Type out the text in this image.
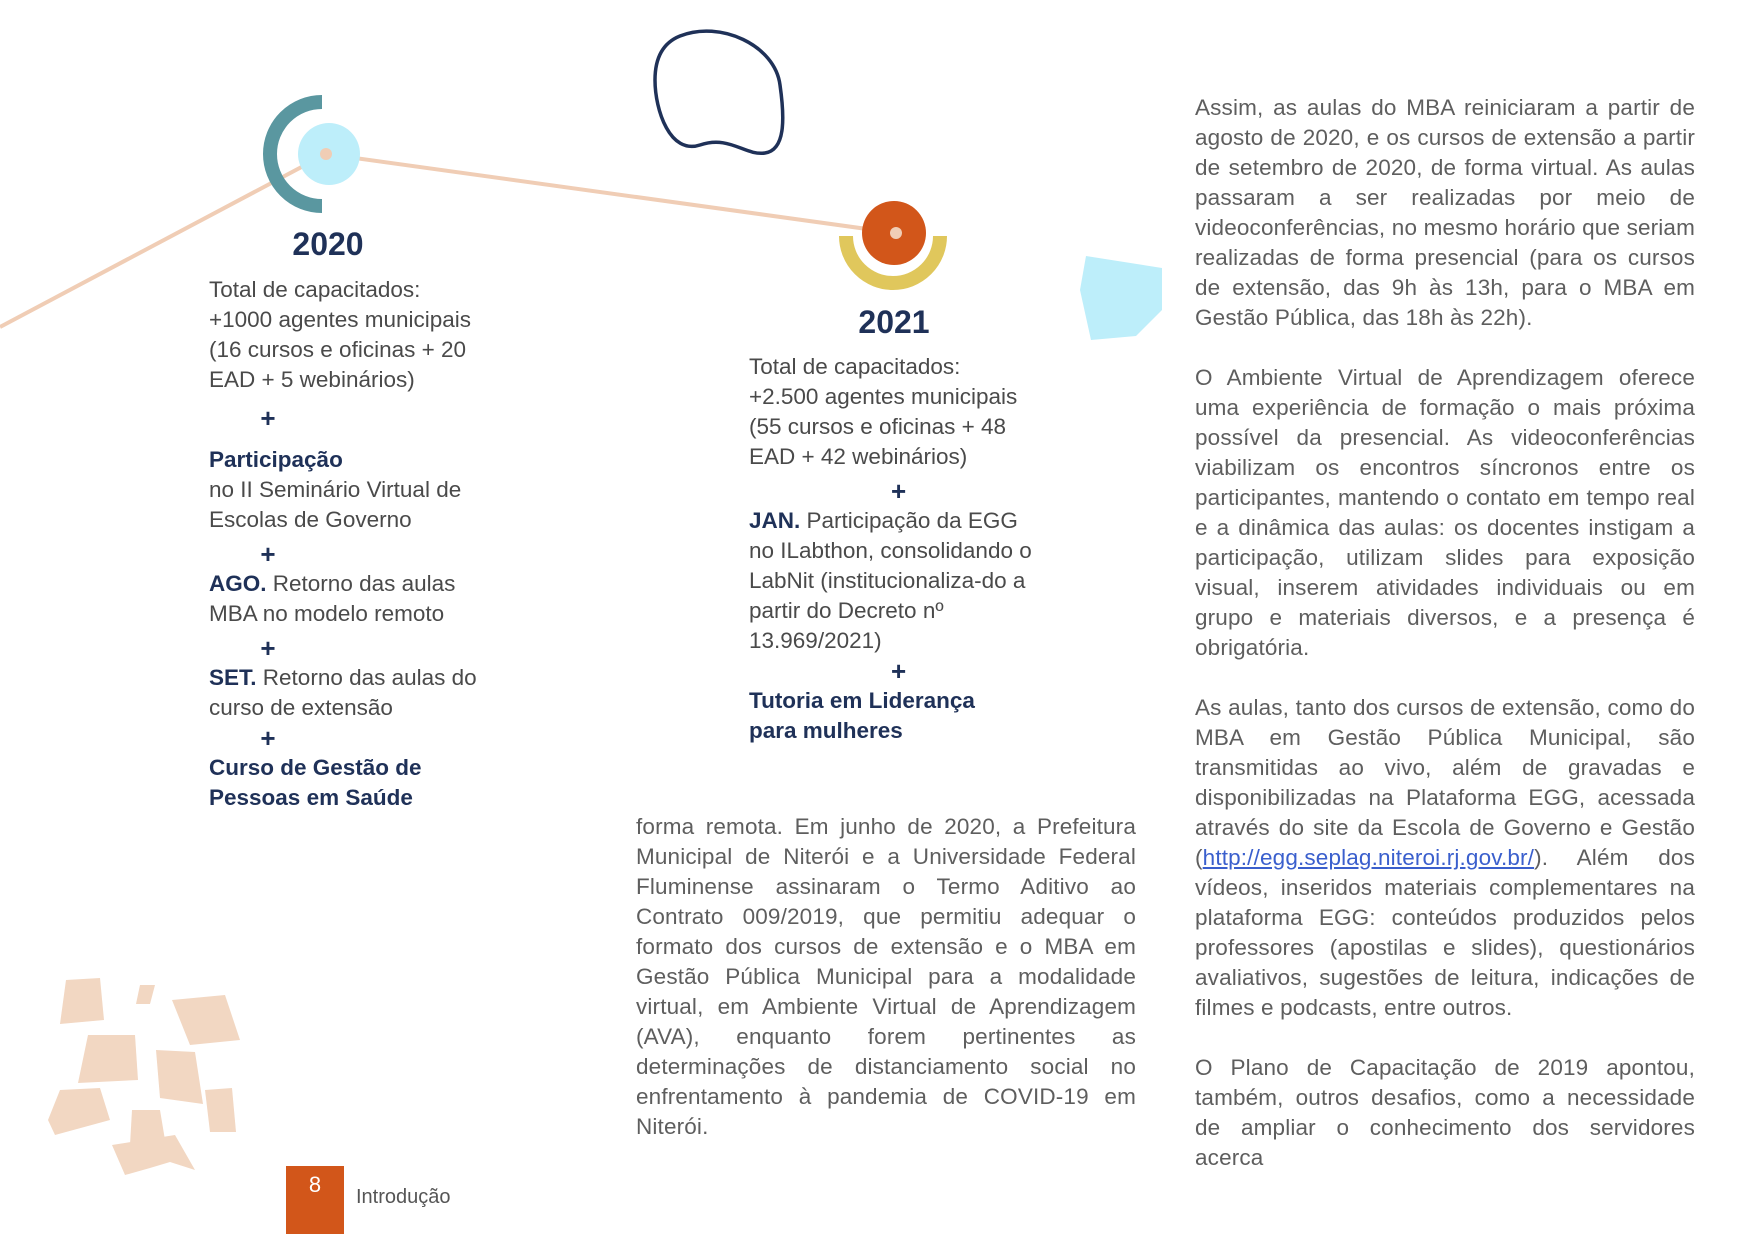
2020

Total de capacitados:

+1000 agentes municipais

(16 cursos e oficinas + 20

EAD + 5 webinários)

+

Participação
no II Seminário Virtual de Escolas de Governo

+

AGO. Retorno das aulas MBA no modelo remoto

+

SET. Retorno das aulas do curso de extensão

+

Curso de Gestão de Pessoas em Saúde

2021

Total de capacitados:

+2.500 agentes municipais

(55 cursos e oficinas + 48

EAD + 42 webinários)

+

JAN. Participação da EGG no ILabthon, consolidando o LabNit (institucionaliza-do a partir do Decreto nº 13.969/2021)

+

Tutoria em Liderança para mulheres

forma remota. Em junho de 2020, a Prefeitura Municipal de Niterói e a Universidade Federal Fluminense assinaram o Termo Aditivo ao Contrato 009/2019, que permitiu adequar o formato dos cursos de extensão e o MBA em Gestão Pública Municipal para a modalidade virtual, em Ambiente Virtual de Aprendizagem (AVA), enquanto forem pertinentes as determinações de distanciamento social no enfrentamento à pandemia de COVID-19 em Niterói.

Assim, as aulas do MBA reiniciaram a partir de agosto de 2020, e os cursos de extensão a partir de setembro de 2020, de forma virtual. As aulas passaram a ser realizadas por meio de videoconferências, no mesmo horário que seriam realizadas de forma presencial (para os cursos de extensão, das 9h às 13h, para o MBA em Gestão Pública, das 18h às 22h).

O Ambiente Virtual de Aprendizagem oferece uma experiência de formação o mais próxima possível da presencial. As videoconferências viabilizam os encontros síncronos entre os participantes, mantendo o contato em tempo real e a dinâmica das aulas: os docentes instigam a participação, utilizam slides para exposição visual, inserem atividades individuais ou em grupo e materiais diversos, e a presença é obrigatória.

As aulas, tanto dos cursos de extensão, como do MBA em Gestão Pública Municipal, são transmitidas ao vivo, além de gravadas e disponibilizadas na Plataforma EGG, acessada através do site da Escola de Governo e Gestão (http://egg.seplag.niteroi.rj.gov.br/). Além dos vídeos, inseridos materiais complementares na plataforma EGG: conteúdos produzidos pelos professores (apostilas e slides), questionários avaliativos, sugestões de leitura, indicações de filmes e podcasts, entre outros.

O Plano de Capacitação de 2019 apontou, também, outros desafios, como a necessidade de ampliar o conhecimento dos servidores acerca

8	Introdução
